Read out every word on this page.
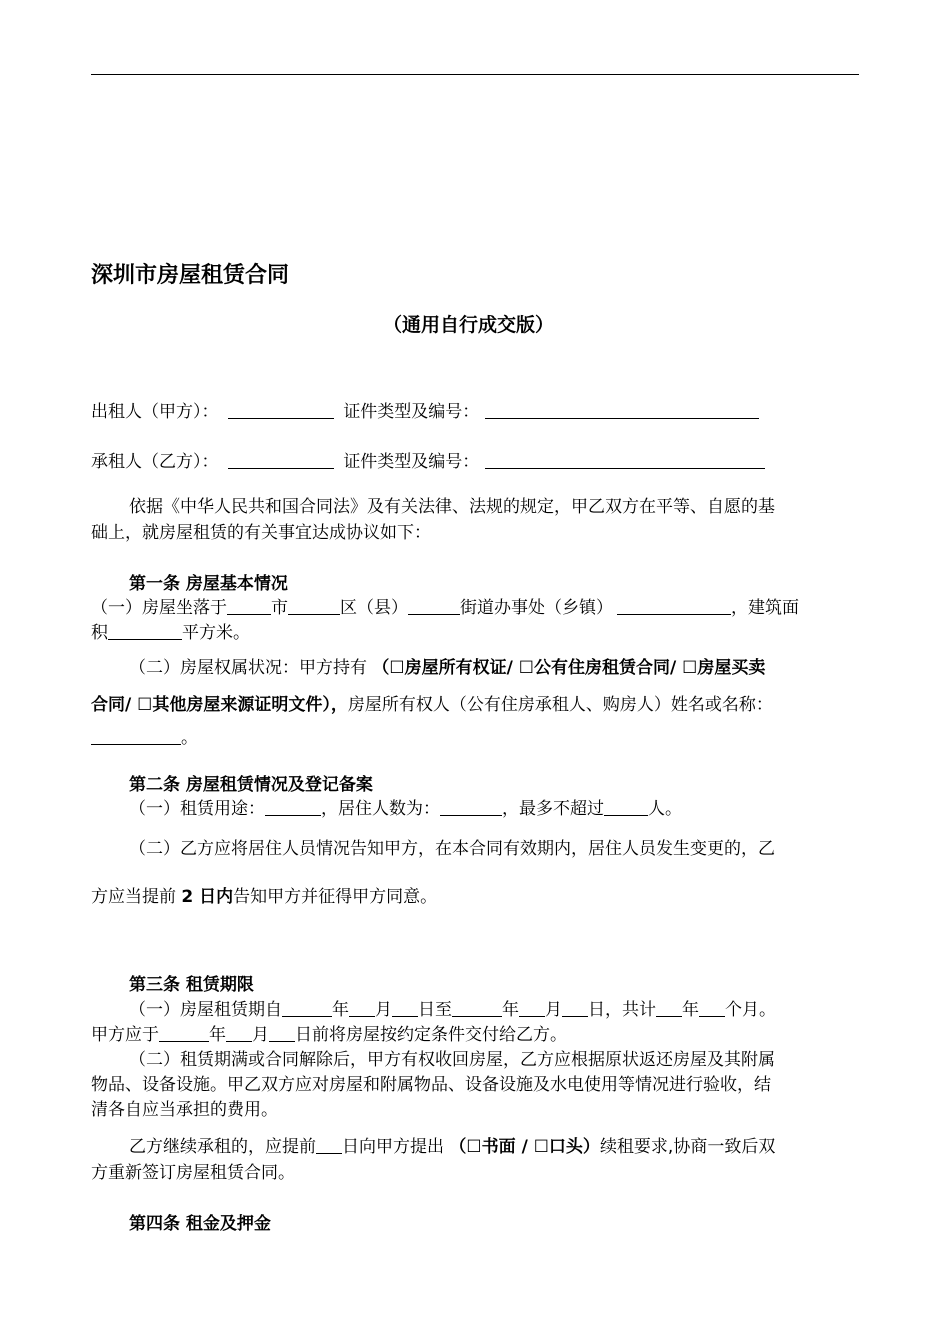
深圳市房屋租赁合同
（通用自行成交版）
出租人（甲方）：	证件类型及编号：
承租人（乙方）：	证件类型及编号：
依据《中华人民共和国合同法》及有关法律、法规的规定，甲乙双方在平等、自愿的基
础上，就房屋租赁的有关事宜达成协议如下：
第一条 房屋基本情况
（一）房屋坐落于	市	区（县）	街道办事处（乡镇）	，建筑面
积	平方米。
（二）房屋权属状况：甲方持有 （☐房屋所有权证/ ☐公有住房租赁合同/ ☐房屋买卖
合同/ ☐其他房屋来源证明文件），房屋所有权人（公有住房承租人、购房人）姓名或名称：
。
第二条 房屋租赁情况及登记备案
（一）租赁用途：	，居住人数为：	，最多不超过	人。
（二）乙方应将居住人员情况告知甲方，在本合同有效期内，居住人员发生变更的，乙
方应当提前 2 日内告知甲方并征得甲方同意。
第三条 租赁期限
（一）房屋租赁期自	年 月 日至	年 月 日，共计 年 个月。
甲方应于	年 月 日前将房屋按约定条件交付给乙方。
（二）租赁期满或合同解除后，甲方有权收回房屋，乙方应根据原状返还房屋及其附属
物品、设备设施。甲乙双方应对房屋和附属物品、设备设施及水电使用等情况进行验收，结
清各自应当承担的费用。
乙方继续承租的，应提前 日向甲方提出 （☐书面 / ☐口头）续租要求,协商一致后双
方重新签订房屋租赁合同。
第四条 租金及押金
